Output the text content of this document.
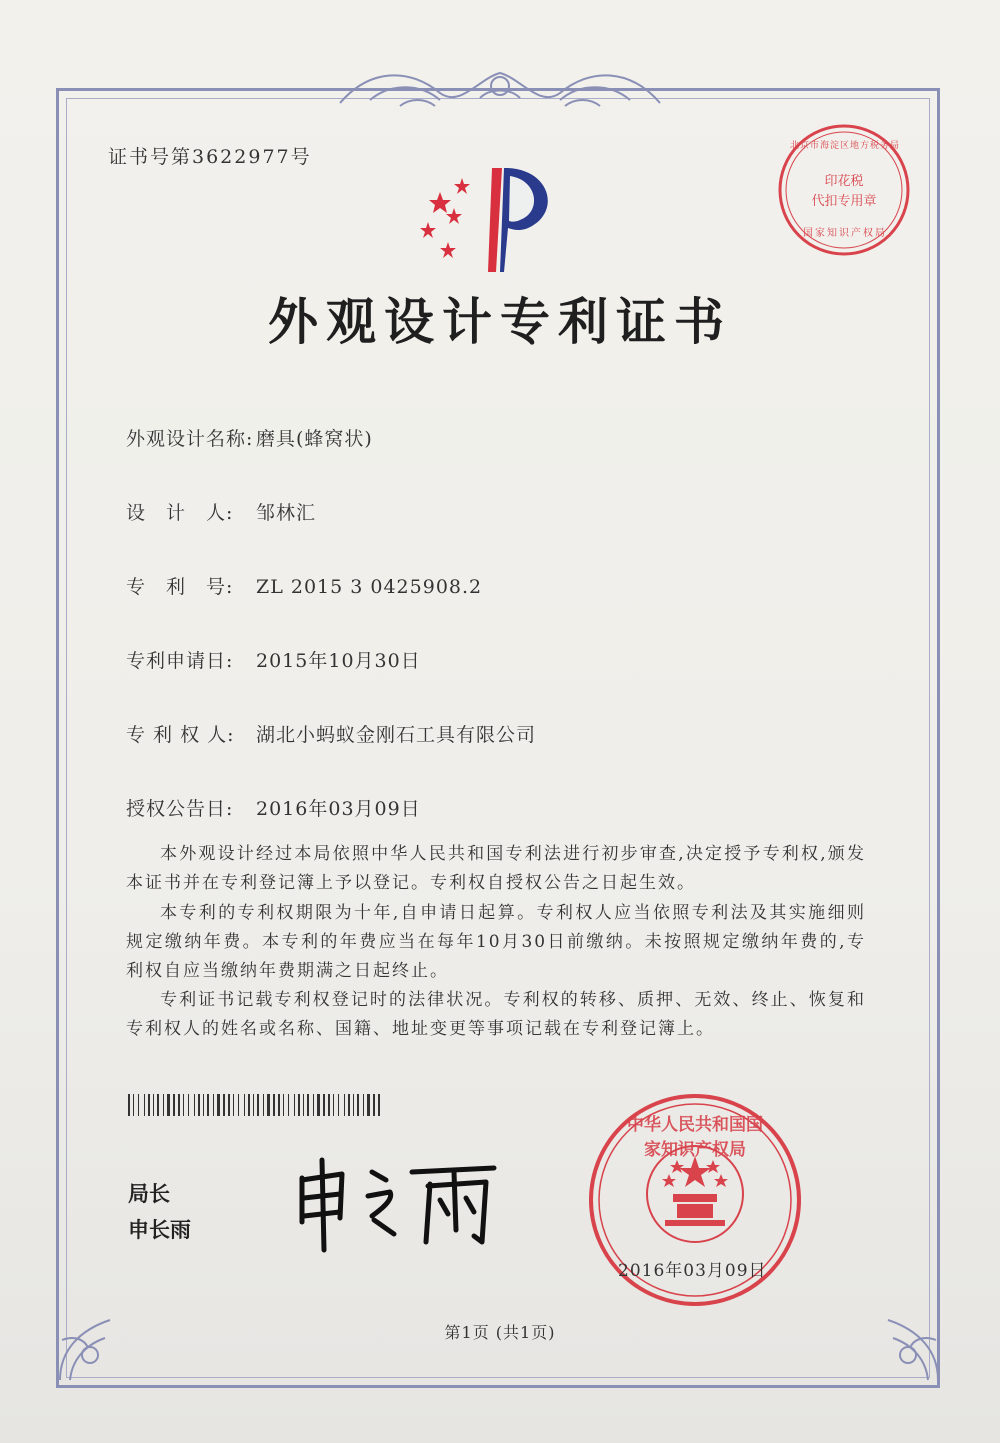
证书号第3622977号
印花税
代扣专用章
北京市海淀区地方税务局
国家知识产权局
外观设计专利证书
外观设计名称: 磨具(蜂窝状)
设　计　人: 邹林汇
专　利　号: ZL 2015 3 0425908.2
专利申请日: 2015年10月30日
专 利 权 人: 湖北小蚂蚁金刚石工具有限公司
授权公告日: 2016年03月09日
本外观设计经过本局依照中华人民共和国专利法进行初步审查,决定授予专利权,颁发本证书并在专利登记簿上予以登记。专利权自授权公告之日起生效。
本专利的专利权期限为十年,自申请日起算。专利权人应当依照专利法及其实施细则规定缴纳年费。本专利的年费应当在每年10月30日前缴纳。未按照规定缴纳年费的,专利权自应当缴纳年费期满之日起终止。
专利证书记载专利权登记时的法律状况。专利权的转移、质押、无效、终止、恢复和专利权人的姓名或名称、国籍、地址变更等事项记载在专利登记簿上。
局长
申长雨
中华人民共和国国家知识产权局
2016年03月09日
第1页 (共1页)
